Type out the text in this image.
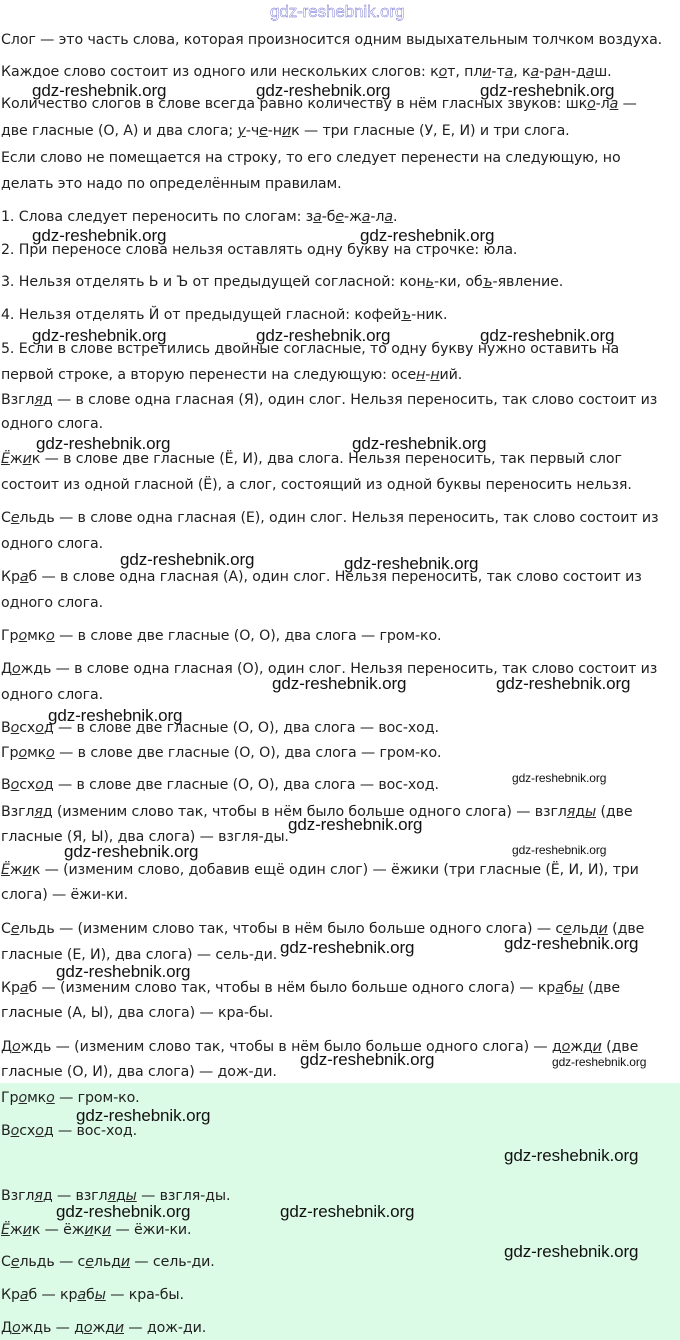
gdz-reshebnik.org
Слог — это часть слова, которая произносится одним выдыхательным толчком воздуха.
Каждое слово состоит из одного или нескольких слогов: кот, пли-та, ка-ран-даш.
Количество слогов в слове всегда равно количеству в нём гласных звуков: шко-ла —
две гласные (О, А) и два слога; у-че-ник — три гласные (У, Е, И) и три слога.
Если слово не помещается на строку, то его следует перенести на следующую, но
делать это надо по определённым правилам.
1. Слова следует переносить по слогам: за-бе-жа-ла.
2. При переносе слова нельзя оставлять одну букву на строчке: юла.
3. Нельзя отделять Ь и Ъ от предыдущей согласной: конь-ки, объ-явление.
4. Нельзя отделять Й от предыдущей гласной: кофейъ-ник.
5. Если в слове встретились двойные согласные, то одну букву нужно оставить на
первой строке, а вторую перенести на следующую: осен-ний.
Взгляд — в слове одна гласная (Я), один слог. Нельзя переносить, так слово состоит из
одного слога.
Ёжик — в слове две гласные (Ё, И), два слога. Нельзя переносить, так первый слог
состоит из одной гласной (Ё), а слог, состоящий из одной буквы переносить нельзя.
Сельдь — в слове одна гласная (Е), один слог. Нельзя переносить, так слово состоит из
одного слога.
Краб — в слове одна гласная (А), один слог. Нельзя переносить, так слово состоит из
одного слога.
Громко — в слове две гласные (О, О), два слога — гром-ко.
Дождь — в слове одна гласная (О), один слог. Нельзя переносить, так слово состоит из
одного слога.
Восход — в слове две гласные (О, О), два слога — вос-ход.
Громко — в слове две гласные (О, О), два слога — гром-ко.
Восход — в слове две гласные (О, О), два слога — вос-ход.
Взгляд (изменим слово так, чтобы в нём было больше одного слога) — взгляды (две
гласные (Я, Ы), два слога) — взгля-ды.
Ёжик — (изменим слово, добавив ещё один слог) — ёжики (три гласные (Ё, И, И), три
слога) — ёжи-ки.
Сельдь — (изменим слово так, чтобы в нём было больше одного слога) — сельди (две
гласные (Е, И), два слога) — сель-ди.
Краб — (изменим слово так, чтобы в нём было больше одного слога) — крабы (две
гласные (А, Ы), два слога) — кра-бы.
Дождь — (изменим слово так, чтобы в нём было больше одного слога) — дожди (две
гласные (О, И), два слога) — дож-ди.
Громко — гром-ко.
Восход — вос-ход.
Взгляд — взгляды — взгля-ды.
Ёжик — ёжики — ёжи-ки.
Сельдь — сельди — сель-ди.
Краб — крабы — кра-бы.
Дождь — дожди — дож-ди.
gdz-reshebnik.org	gdz-reshebnik.org	gdz-reshebnik.org
gdz-reshebnik.org	gdz-reshebnik.org
gdz-reshebnik.org	gdz-reshebnik.org	gdz-reshebnik.org
gdz-reshebnik.org	gdz-reshebnik.org
gdz-reshebnik.org	gdz-reshebnik.org
gdz-reshebnik.org	gdz-reshebnik.org
gdz-reshebnik.org
gdz-reshebnik.org
gdz-reshebnik.org
gdz-reshebnik.org	gdz-reshebnik.org
gdz-reshebnik.org	gdz-reshebnik.org
gdz-reshebnik.org
gdz-reshebnik.org	gdz-reshebnik.org
gdz-reshebnik.org
gdz-reshebnik.org
gdz-reshebnik.org	gdz-reshebnik.org
gdz-reshebnik.org
